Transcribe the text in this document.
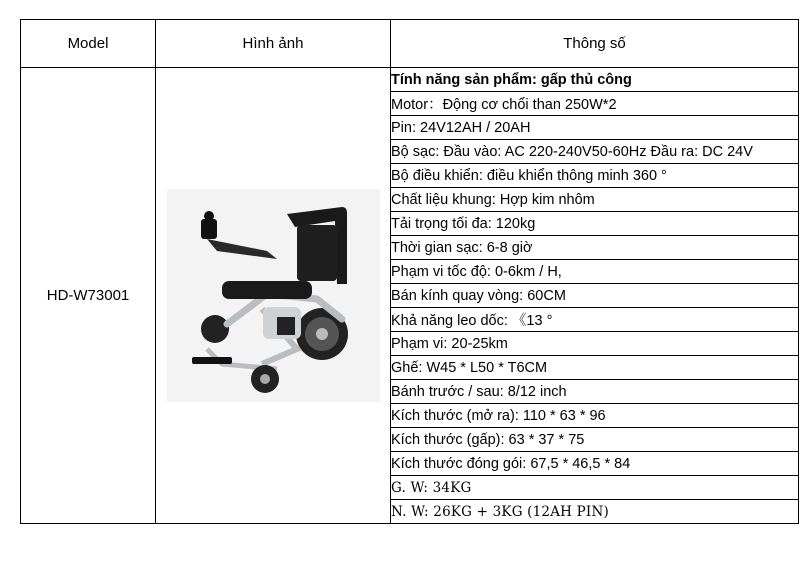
Model	Hình ảnh	Thông số
HD-W73001		Tính năng sản phẩm: gấp thủ công
		Motor：Động cơ chổi than 250W*2
		Pin: 24V12AH / 20AH
		Bộ sạc: Đầu vào: AC 220-240V50-60Hz Đầu ra: DC 24V
		Bộ điều khiển: điều khiển thông minh 360 °
		Chất liệu khung: Hợp kim nhôm
		Tải trọng tối đa: 120kg
		Thời gian sạc: 6-8 giờ
		Phạm vi tốc độ: 0-6km / H,
		Bán kính quay vòng: 60CM
		Khả năng leo dốc: 《13 °
		Phạm vi: 20-25km
		Ghế: W45 * L50 * T6CM
		Bánh trước / sau: 8/12 inch
		Kích thước (mở ra): 110 * 63 * 96
		Kích thước (gấp): 63 * 37 * 75
		Kích thước đóng gói: 67,5 * 46,5 * 84
		G. W: 34KG
		N. W: 26KG + 3KG (12AH PIN)
